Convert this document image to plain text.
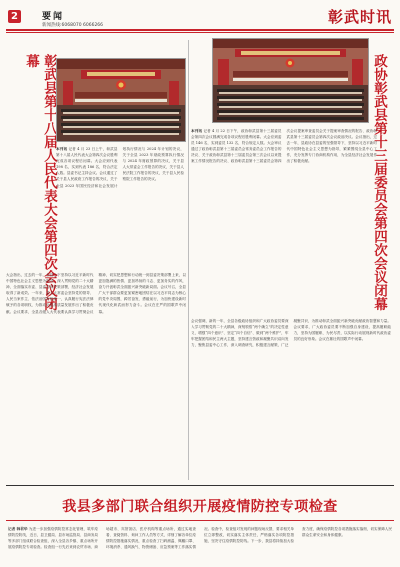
2	要闻
新闻热线:6068070 6066266	彰武时讯
彰武县第十八届人民代表大会第四次会议闭幕
本刊讯 记者 4 月 23 日上午，彰武县第十八届人民代表大会第四次会议胜利完成各项议程后闭幕。大会应到代表 198 名，实到代表 186 名，符合法定人数。县委书记主持会议。会议通过了关于县人民政府工作报告的决议，关于全县 2023 年国民经济和社会发展计划执行情况与 2024 年计划的决议，关于全县 2023 年财政预算执行情况与 2024 年财政预算的决议，关于县人大常委会工作报告的决议，关于县人民法院工作报告的决议，关于县人民检察院工作报告的决议。
大会指出，过去的一年，全县上下坚持以习近平新时代中国特色社会主义思想为指导，深入贯彻党的二十大精神，全面落实市委、县委各项决策部署，经济社会发展取得了新成效。一年来，县人大常委会坚持党的领导、人民当家作主、依法治国有机统一，认真履行宪法法律赋予的各项职权，为推动全县高质量发展作出了积极贡献。会议要求，全县各级人大代表要认真学习贯彻会议精神，切实把思想和行动统一到县委决策部署上来，以更加饱满的热情、更加昂扬的斗志、更加务实的作风，奋力开创彰武全面振兴新突破新局面。会议号召，全县广大干部群众要更加紧密地团结在以习近平同志为核心的党中央周围，踔厉奋发、勇毅前行，为加快建设新时代现代化彰武而努力奋斗。会议在庄严的国歌声中闭幕。
政协彰武县第十三届委员会第四次会议闭幕
本刊讯 记者 4 月 22 日下午，政协彰武县第十三届委员会第四次会议圆满完成各项议程后胜利闭幕。大会应到委员 146 名，实到委员 132 名，符合规定人数。大会审议通过了政协彰武县第十三届委员会常务委员会工作报告的决议、关于政协彰武县第十三届委员会第三次会议以来提案工作情况报告的决议、政协彰武县第十三届委员会第四次会议提案审查委员会关于提案审查情况的报告、政协彰武县第十三届委员会第四次会议政治决议。会议指出，过去一年，县政协在县委的坚强领导下，坚持以习近平新时代中国特色社会主义思想为指导，紧紧围绕全县中心工作，充分发挥专门协商机构作用，为全县经济社会发展作出了积极贡献。
会议强调，新的一年，全县各级政协组织和广大政协委员要深入学习贯彻党的二十大精神，深刻领悟“两个确立”的决定性意义，增强“四个意识”、坚定“四个自信”、做到“两个维护”，牢牢把握团结和民主两大主题，坚持建言资政和凝聚共识双向发力，聚焦县委中心工作，深入调查研究，积极建言献策，广泛凝聚共识，为推动彰武全面振兴新突破贡献政协智慧和力量。会议要求，广大政协委员要不断加强自身建设，提高履职能力，坚持为国履职、为民尽责，以实际行动展现新时代政协委员的良好形象。会议在雄壮的国歌声中闭幕。
我县多部门联合组织开展疫情防控专项检查
记者 韩君华 为进一步加强疫情防控常态化管理，筑牢疫情防控防线，近日，县卫健局、县市场监管局、县商务局等多部门组成联合检查组，深入全县各乡镇、重点场所开展疫情防控专项检查。检查组一行先后来到农贸市场、商场超市、宾馆饭店、医疗机构等重点场所，通过实地查看、查阅资料、询问工作人员等方式，详细了解各单位疫情防控措施落实情况，重点检查了扫码测温、佩戴口罩、环境消杀、通风换气、物资储备、应急预案等工作落实情况。检查中，检查组对发现的问题现场反馈，要求相关单位立即整改，切实落实主体责任，严格落实各项防控措施，坚决守住疫情防控防线。下一步，我县将持续加大检查力度，确保疫情防控各项措施落实落细，切实保障人民群众生命安全和身体健康。
